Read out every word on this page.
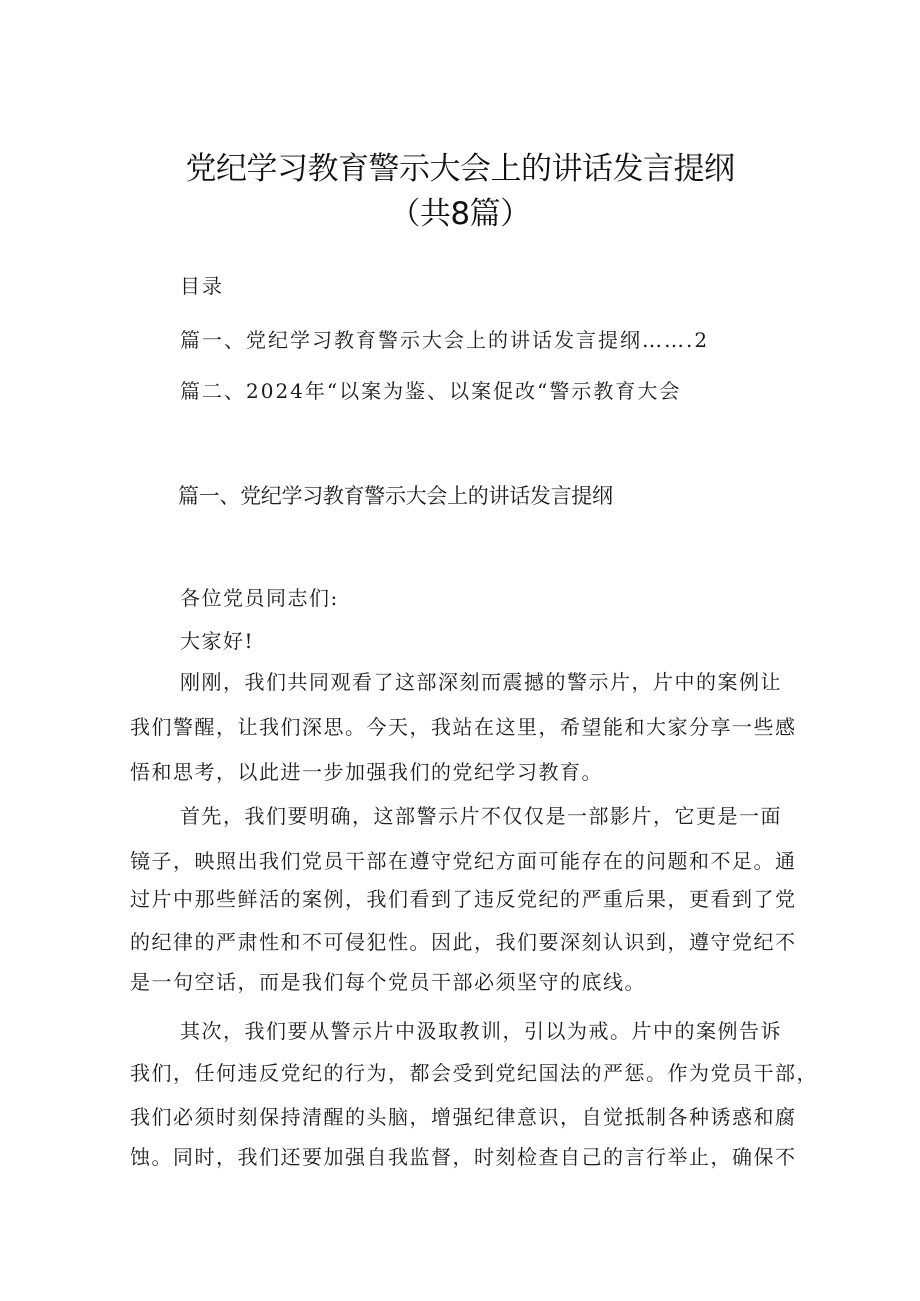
党纪学习教育警示大会上的讲话发言提纲
（共8篇）
目录
篇一、党纪学习教育警示大会上的讲话发言提纲…….2
篇二、2024年“以案为鉴、以案促改“警示教育大会
篇一、党纪学习教育警示大会上的讲话发言提纲
各位党员同志们:
大家好!
刚刚，我们共同观看了这部深刻而震撼的警示片，片中的案例让
我们警醒，让我们深思。今天，我站在这里，希望能和大家分享一些感
悟和思考，以此进一步加强我们的党纪学习教育。
首先，我们要明确，这部警示片不仅仅是一部影片，它更是一面
镜子，映照出我们党员干部在遵守党纪方面可能存在的问题和不足。通
过片中那些鲜活的案例，我们看到了违反党纪的严重后果，更看到了党
的纪律的严肃性和不可侵犯性。因此，我们要深刻认识到，遵守党纪不
是一句空话，而是我们每个党员干部必须坚守的底线。
其次，我们要从警示片中汲取教训，引以为戒。片中的案例告诉
我们，任何违反党纪的行为，都会受到党纪国法的严惩。作为党员干部，
我们必须时刻保持清醒的头脑，增强纪律意识，自觉抵制各种诱惑和腐
蚀。同时，我们还要加强自我监督，时刻检查自己的言行举止，确保不
